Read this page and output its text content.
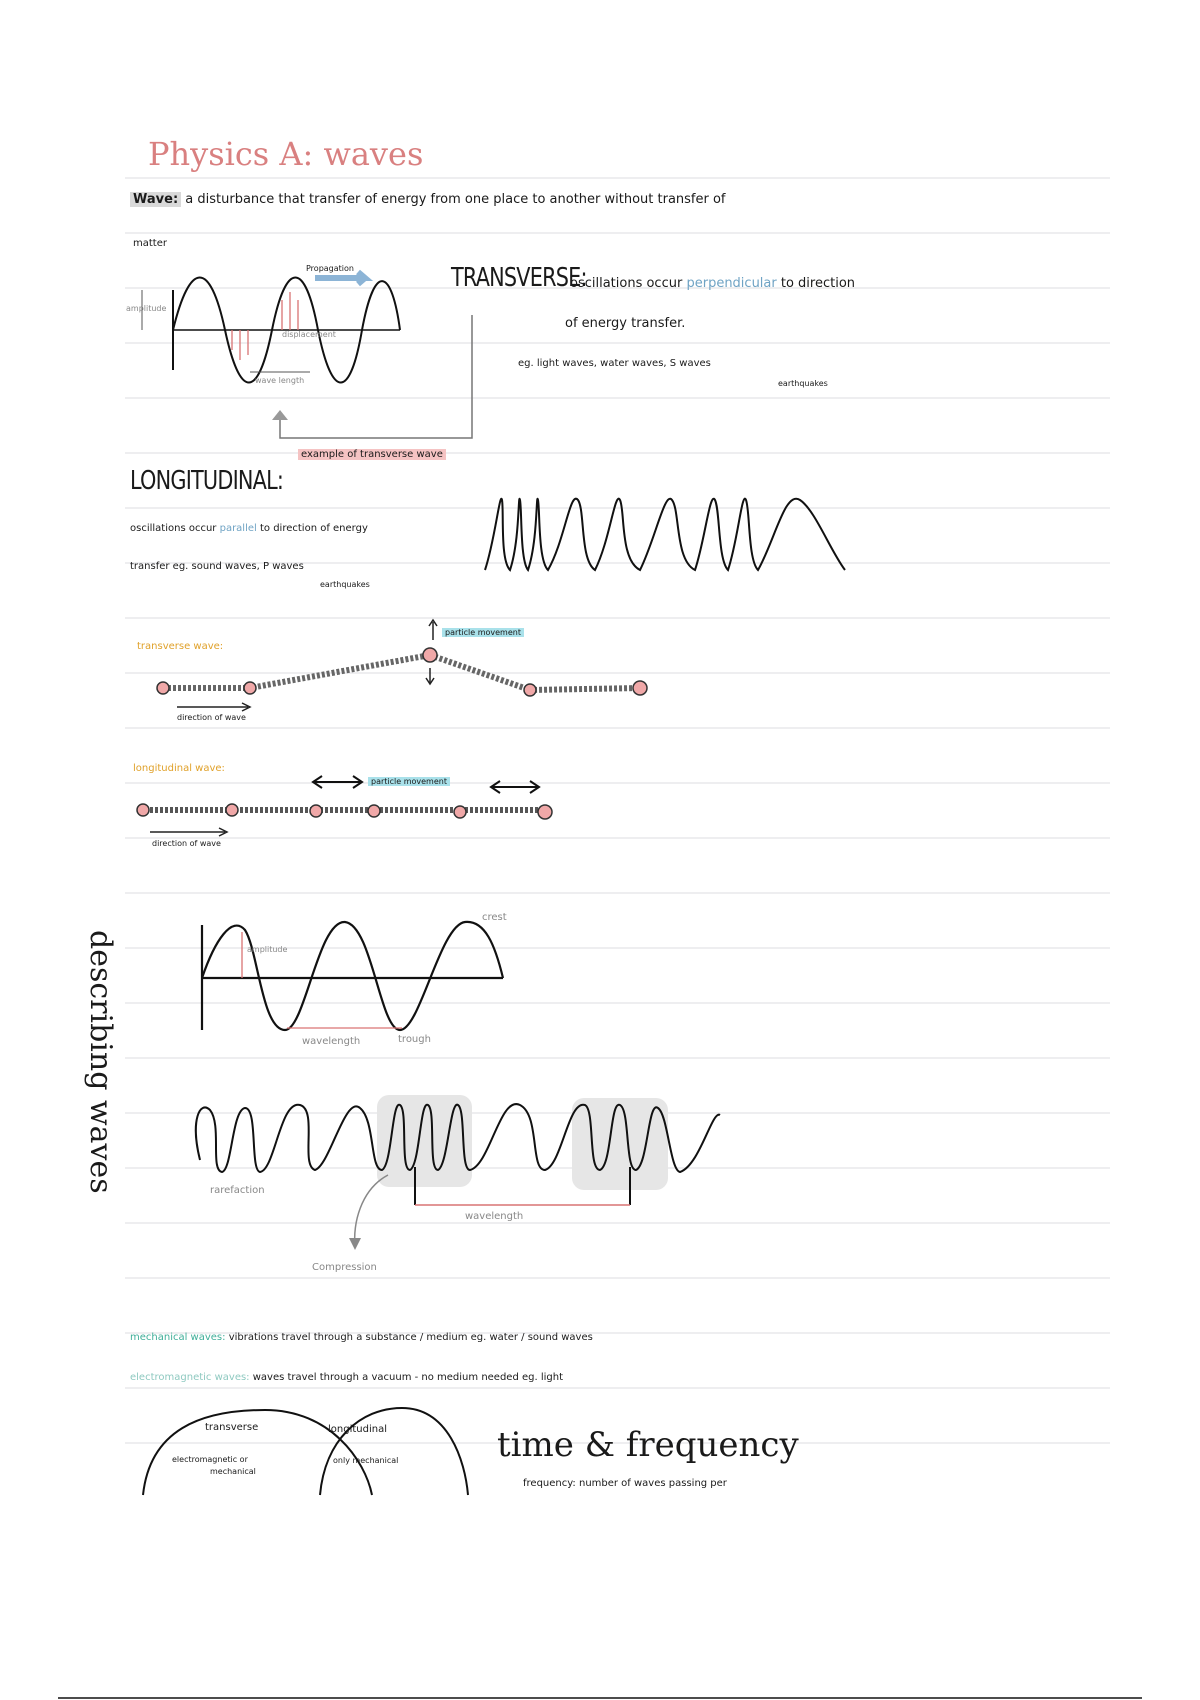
Physics A: waves
Wave: a disturbance that transfer of energy from one place to another without transfer of
matter
TRANSVERSE:
oscillations occur perpendicular to direction
of energy transfer.
eg. light waves, water waves, S waves
earthquakes
Propagation
amplitude
wave length
displacement
example of transverse wave
LONGITUDINAL:
oscillations occur parallel to direction of energy
transfer eg. sound waves, P waves
earthquakes
transverse wave:
particle movement
direction of wave
longitudinal wave:
particle movement
direction of wave
describing waves	amplitude
crest
wavelength	trough
rarefaction
wavelength
Compression
mechanical waves: vibrations travel through a substance / medium eg. water / sound waves
electromagnetic waves: waves travel through a vacuum - no medium needed eg. light
transverse
electromagnetic or
mechanical
longitudinal
only mechanical	time & frequency
frequency: number of waves passing per
